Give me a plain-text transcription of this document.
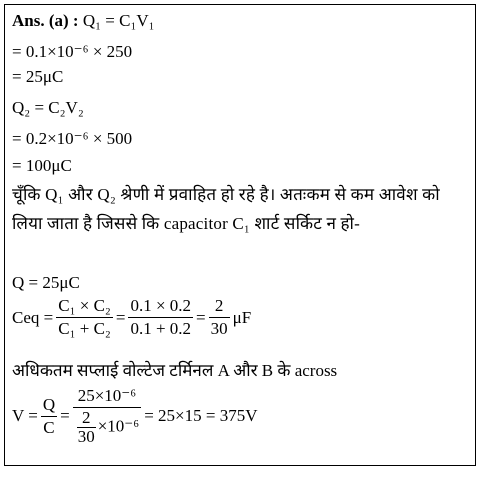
Ans. (a) : Q₁ = C₁V₁
= 0.1×10⁻⁶ × 250
= 25μC
Q₂ = C₂V₂
= 0.2×10⁻⁶ × 500
= 100μC
चूँकि Q₁ और Q₂ श्रेणी में प्रवाहित हो रहे है। अतःकम से कम आवेश को लिया जाता है जिससे कि capacitor C₁ शार्ट सर्किट न हो-
Q = 25μC
Ceq = $\frac{\text{C₁ × C₂}}{\text{C₁ + C₂}} = \frac{0.1 \times 0.2}{0.1 + 0.2} = \frac{2}{30}$ μF
अधिकतम सप्लाई वोल्टेज टर्मिनल A और B के across
$V = \frac{Q}{C} = \frac{\text{25×10⁻⁶}}{\frac{2}{30} \times 10^{-6}} = 25\times 15 = 375V$
